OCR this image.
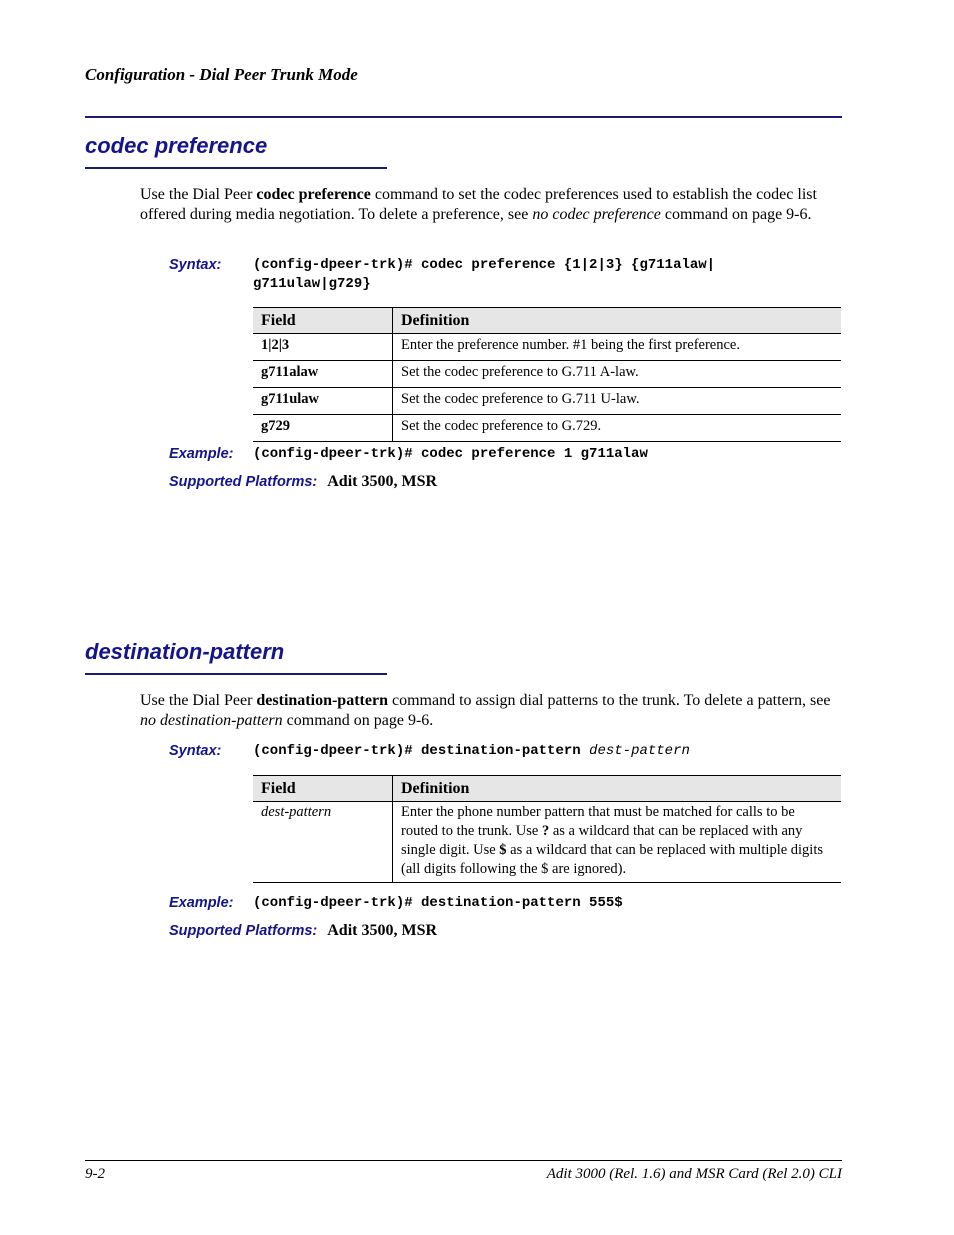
Configuration - Dial Peer Trunk Mode
codec preference
Use the Dial Peer codec preference command to set the codec preferences used to establish the codec list offered during media negotiation. To delete a preference, see no codec preference command on page 9-6.
Syntax: (config-dpeer-trk)# codec preference {1|2|3} {g711alaw|
g711ulaw|g729}
Field	Definition
1|2|3	Enter the preference number. #1 being the first preference.
g711alaw	Set the codec preference to G.711 A-law.
g711ulaw	Set the codec preference to G.711 U-law.
g729	Set the codec preference to G.729.
Example: (config-dpeer-trk)# codec preference 1 g711alaw
Supported Platforms: Adit 3500, MSR
destination-pattern
Use the Dial Peer destination-pattern command to assign dial patterns to the trunk. To delete a pattern, see no destination-pattern command on page 9-6.
Syntax: (config-dpeer-trk)# destination-pattern dest-pattern
Field	Definition
dest-pattern	Enter the phone number pattern that must be matched for calls to be routed to the trunk. Use ? as a wildcard that can be replaced with any single digit. Use $ as a wildcard that can be replaced with multiple digits (all digits following the $ are ignored).
Example: (config-dpeer-trk)# destination-pattern 555$
Supported Platforms: Adit 3500, MSR
9-2	Adit 3000 (Rel. 1.6) and MSR Card (Rel 2.0) CLI
